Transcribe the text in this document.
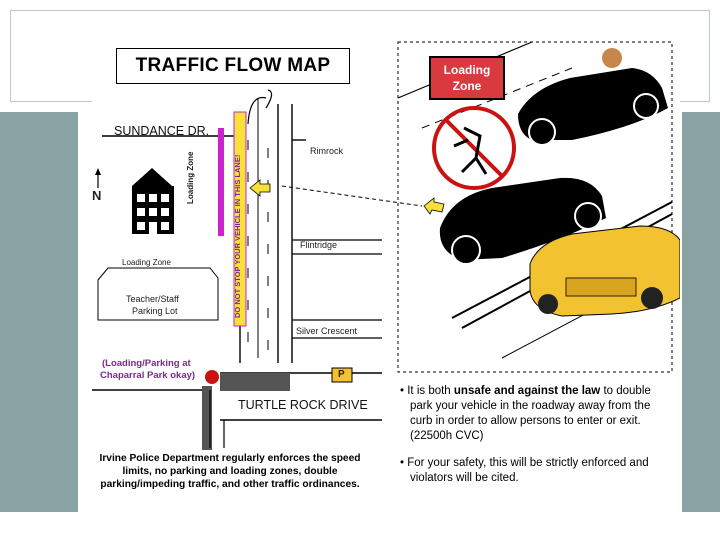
TRAFFIC FLOW MAP
SUNDANCE DR.
Rimrock
Flintridge
Silver Crescent
TURTLE ROCK DRIVE
N	Loading Zone	DO NOT STOP YOUR VEHICLE IN THIS LANE!
Loading Zone
Teacher/Staff
Parking Lot
(Loading/Parking at
Chaparral Park okay)	P
Loading
Zone

• It is both unsafe and against the law to double park your vehicle in the roadway away from the curb in order to allow persons to enter or exit. (22500h CVC)

• For your safety, this will be strictly enforced and violators will be cited.

Irvine Police Department regularly enforces the speed limits, no parking and loading zones, double parking/impeding traffic, and other traffic ordinances.
